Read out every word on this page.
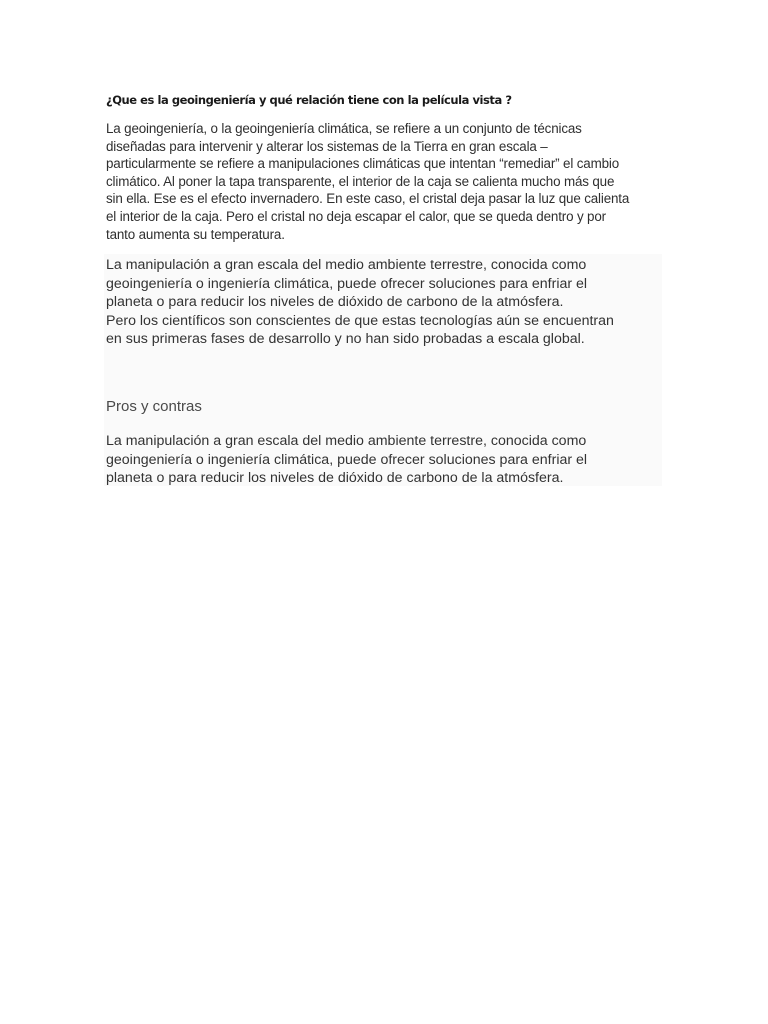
¿Que es la geoingeniería y qué relación tiene con la película vista ?

La geoingeniería, o la geoingeniería climática, se refiere a un conjunto de técnicas
diseñadas para intervenir y alterar los sistemas de la Tierra en gran escala –
particularmente se refiere a manipulaciones climáticas que intentan “remediar” el cambio
climático. Al poner la tapa transparente, el interior de la caja se calienta mucho más que
sin ella. Ese es el efecto invernadero. En este caso, el cristal deja pasar la luz que calienta
el interior de la caja. Pero el cristal no deja escapar el calor, que se queda dentro y por
tanto aumenta su temperatura.

La manipulación a gran escala del medio ambiente terrestre, conocida como
geoingeniería o ingeniería climática, puede ofrecer soluciones para enfriar el
planeta o para reducir los niveles de dióxido de carbono de la atmósfera.
Pero los científicos son conscientes de que estas tecnologías aún se encuentran
en sus primeras fases de desarrollo y no han sido probadas a escala global.

Pros y contras

La manipulación a gran escala del medio ambiente terrestre, conocida como
geoingeniería o ingeniería climática, puede ofrecer soluciones para enfriar el
planeta o para reducir los niveles de dióxido de carbono de la atmósfera.
